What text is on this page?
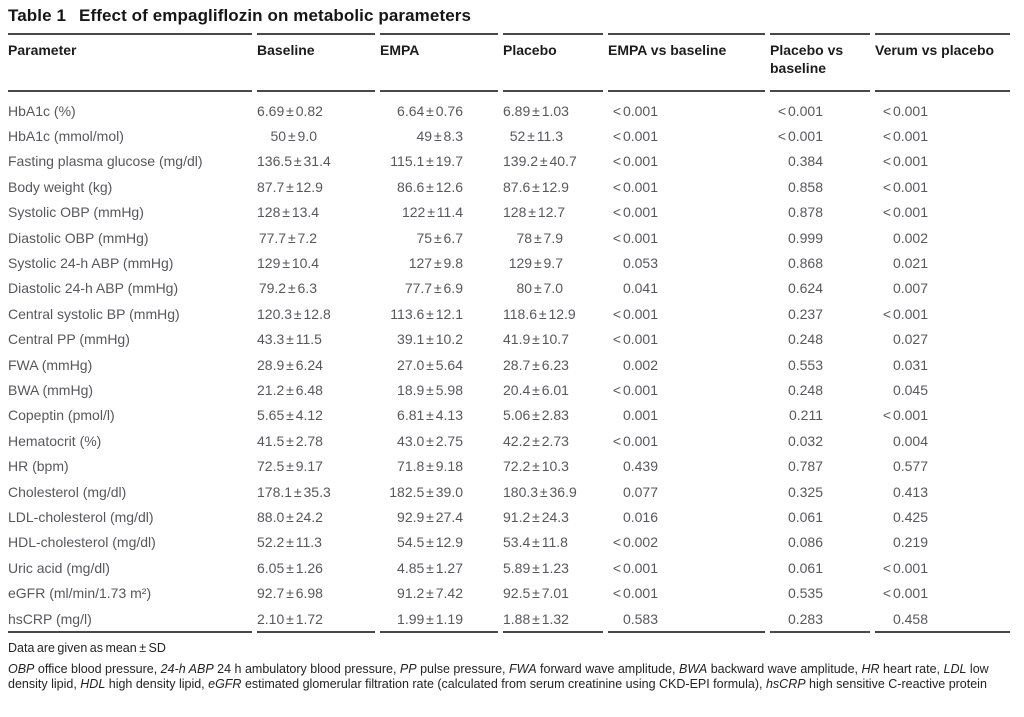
Table 1 Effect of empagliflozin on metabolic parameters
Parameter	Baseline	EMPA	Placebo	EMPA vs baseline	Placebo vs baseline	Verum vs placebo
HbA1c (%)	6.69 ± 0.82	6.64 ± 0.76	6.89 ± 1.03	< 0.001	< 0.001	< 0.001
HbA1c (mmol/mol)	50 ± 9.0	49 ± 8.3	52 ± 11.3	< 0.001	< 0.001	< 0.001
Fasting plasma glucose (mg/dl)	136.5 ± 31.4	115.1 ± 19.7	139.2 ± 40.7	< 0.001	0.384	< 0.001
Body weight (kg)	87.7 ± 12.9	86.6 ± 12.6	87.6 ± 12.9	< 0.001	0.858	< 0.001
Systolic OBP (mmHg)	128 ± 13.4	122 ± 11.4	128 ± 12.7	< 0.001	0.878	< 0.001
Diastolic OBP (mmHg)	77.7 ± 7.2	75 ± 6.7	78 ± 7.9	< 0.001	0.999	0.002
Systolic 24-h ABP (mmHg)	129 ± 10.4	127 ± 9.8	129 ± 9.7	0.053	0.868	0.021
Diastolic 24-h ABP (mmHg)	79.2 ± 6.3	77.7 ± 6.9	80 ± 7.0	0.041	0.624	0.007
Central systolic BP (mmHg)	120.3 ± 12.8	113.6 ± 12.1	118.6 ± 12.9	< 0.001	0.237	< 0.001
Central PP (mmHg)	43.3 ± 11.5	39.1 ± 10.2	41.9 ± 10.7	< 0.001	0.248	0.027
FWA (mmHg)	28.9 ± 6.24	27.0 ± 5.64	28.7 ± 6.23	0.002	0.553	0.031
BWA (mmHg)	21.2 ± 6.48	18.9 ± 5.98	20.4 ± 6.01	< 0.001	0.248	0.045
Copeptin (pmol/l)	5.65 ± 4.12	6.81 ± 4.13	5.06 ± 2.83	0.001	0.211	< 0.001
Hematocrit (%)	41.5 ± 2.78	43.0 ± 2.75	42.2 ± 2.73	< 0.001	0.032	0.004
HR (bpm)	72.5 ± 9.17	71.8 ± 9.18	72.2 ± 10.3	0.439	0.787	0.577
Cholesterol (mg/dl)	178.1 ± 35.3	182.5 ± 39.0	180.3 ± 36.9	0.077	0.325	0.413
LDL-cholesterol (mg/dl)	88.0 ± 24.2	92.9 ± 27.4	91.2 ± 24.3	0.016	0.061	0.425
HDL-cholesterol (mg/dl)	52.2 ± 11.3	54.5 ± 12.9	53.4 ± 11.8	< 0.002	0.086	0.219
Uric acid (mg/dl)	6.05 ± 1.26	4.85 ± 1.27	5.89 ± 1.23	< 0.001	0.061	< 0.001
eGFR (ml/min/1.73 m²)	92.7 ± 6.98	91.2 ± 7.42	92.5 ± 7.01	< 0.001	0.535	< 0.001
hsCRP (mg/l)	2.10 ± 1.72	1.99 ± 1.19	1.88 ± 1.32	0.583	0.283	0.458

Data are given as mean ± SD

OBP office blood pressure, 24-h ABP 24 h ambulatory blood pressure, PP pulse pressure, FWA forward wave amplitude, BWA backward wave amplitude, HR heart rate, LDL low density lipid, HDL high density lipid, eGFR estimated glomerular filtration rate (calculated from serum creatinine using CKD-EPI formula), hsCRP high sensitive C-reactive protein
